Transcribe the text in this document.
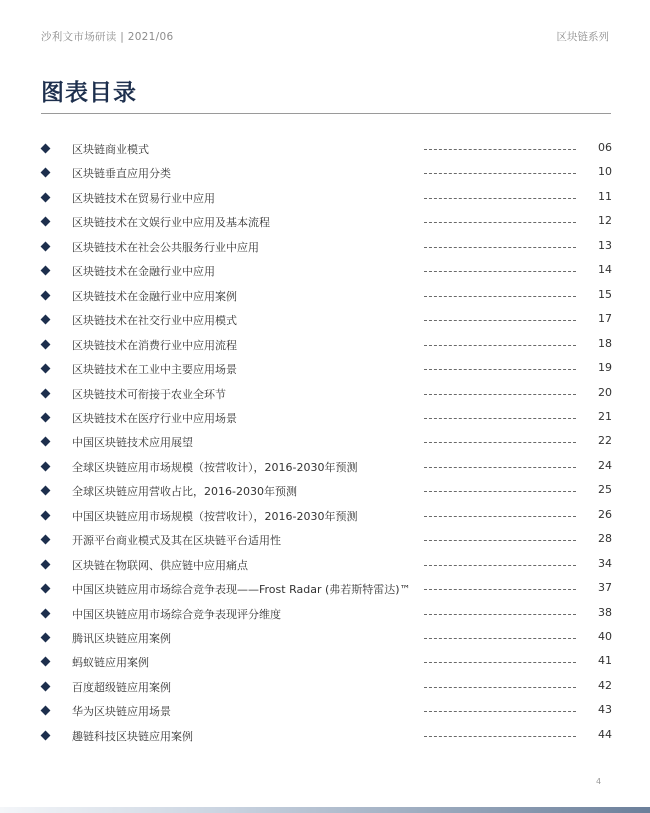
沙利文市场研读 | 2021/06	区块链系列
图表目录
区块链商业模式	06
区块链垂直应用分类	10
区块链技术在贸易行业中应用	11
区块链技术在文娱行业中应用及基本流程	12
区块链技术在社会公共服务行业中应用	13
区块链技术在金融行业中应用	14
区块链技术在金融行业中应用案例	15
区块链技术在社交行业中应用模式	17
区块链技术在消费行业中应用流程	18
区块链技术在工业中主要应用场景	19
区块链技术可衔接于农业全环节	20
区块链技术在医疗行业中应用场景	21
中国区块链技术应用展望	22
全球区块链应用市场规模（按营收计），2016-2030年预测	24
全球区块链应用营收占比，2016-2030年预测	25
中国区块链应用市场规模（按营收计），2016-2030年预测	26
开源平台商业模式及其在区块链平台适用性	28
区块链在物联网、供应链中应用痛点	34
中国区块链应用市场综合竞争表现——Frost Radar (弗若斯特雷达)™	37
中国区块链应用市场综合竞争表现评分维度	38
腾讯区块链应用案例	40
蚂蚁链应用案例	41
百度超级链应用案例	42
华为区块链应用场景	43
趣链科技区块链应用案例	44
4
